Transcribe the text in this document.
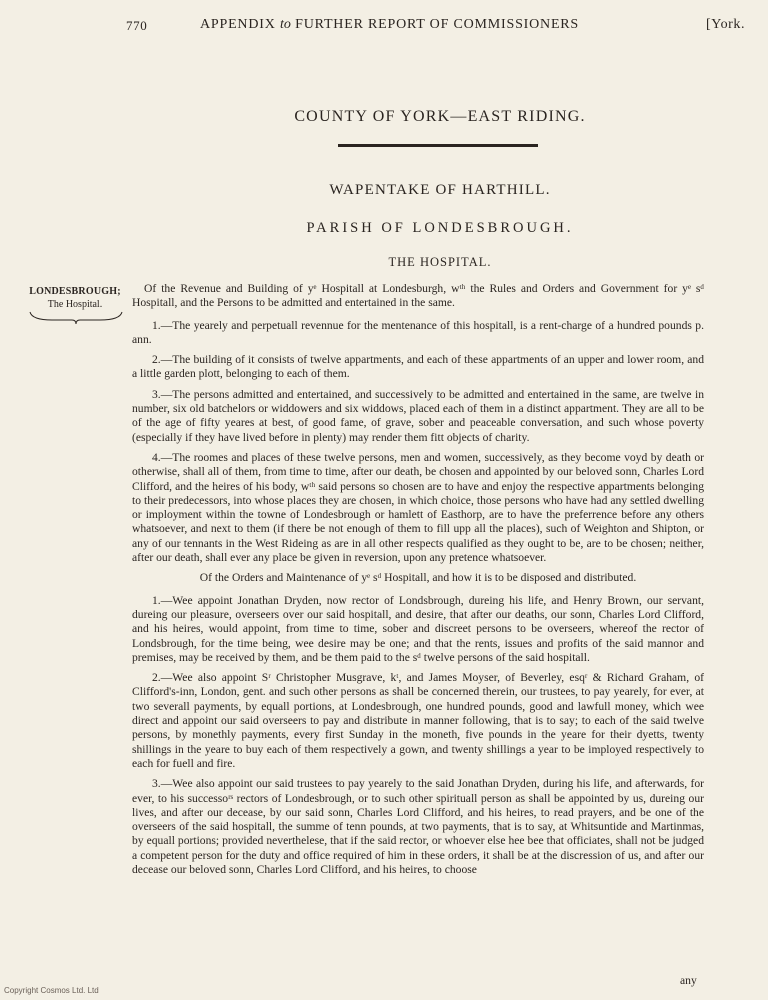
770	APPENDIX to FURTHER REPORT OF COMMISSIONERS	[York.
COUNTY OF YORK—EAST RIDING.
WAPENTAKE OF HARTHILL.
PARISH OF LONDESBROUGH.
THE HOSPITAL.
LONDESBROUGH;
The Hospital.

Of the Revenue and Building of yᵉ Hospitall at Londesburgh, wᵗʰ the Rules and Orders and Government for yᵉ sᵈ Hospitall, and the Persons to be admitted and entertained in the same.

1.—The yearely and perpetuall revennue for the mentenance of this hospitall, is a rent-charge of a hundred pounds p. ann.

2.—The building of it consists of twelve appartments, and each of these appartments of an upper and lower room, and a little garden plott, belonging to each of them.

3.—The persons admitted and entertained, and successively to be admitted and entertained in the same, are twelve in number, six old batchelors or widdowers and six widdows, placed each of them in a distinct appartment. They are all to be of the age of fifty yeares at best, of good fame, of grave, sober and peaceable conversation, and such whose poverty (especially if they have lived before in plenty) may render them fitt objects of charity.

4.—The roomes and places of these twelve persons, men and women, successively, as they become voyd by death or otherwise, shall all of them, from time to time, after our death, be chosen and appointed by our beloved sonn, Charles Lord Clifford, and the heires of his body, wᵗʰ said persons so chosen are to have and enjoy the respective appartments belonging to their predecessors, into whose places they are chosen, in which choice, those persons who have had any settled dwelling or imployment within the towne of Londesbrough or hamlett of Easthorp, are to have the preferrence before any others whatsoever, and next to them (if there be not enough of them to fill upp all the places), such of Weighton and Shipton, or any of our tennants in the West Rideing as are in all other respects qualified as they ought to be, are to be chosen; neither, after our death, shall ever any place be given in reversion, upon any pretence whatsoever.

Of the Orders and Maintenance of yᵉ sᵈ Hospitall, and how it is to be disposed and distributed.

1.—Wee appoint Jonathan Dryden, now rector of Londsbrough, dureing his life, and Henry Brown, our servant, dureing our pleasure, overseers over our said hospitall, and desire, that after our deaths, our sonn, Charles Lord Clifford, and his heires, would appoint, from time to time, sober and discreet persons to be overseers, whereof the rector of Londsbrough, for the time being, wee desire may be one; and that the rents, issues and profits of the said mannor and premises, may be received by them, and be them paid to the sᵈ twelve persons of the said hospitall.

2.—Wee also appoint Sʳ Christopher Musgrave, kᵗ, and James Moyser, of Beverley, esqʳ & Richard Graham, of Clifford's-inn, London, gent. and such other persons as shall be concerned therein, our trustees, to pay yearely, for ever, at two severall payments, by equall portions, at Londesbrough, one hundred pounds, good and lawfull money, which wee direct and appoint our said overseers to pay and distribute in manner following, that is to say; to each of the said twelve persons, by monethly payments, every first Sunday in the moneth, five pounds in the yeare for their dyetts, twenty shillings in the yeare to buy each of them respectively a gown, and twenty shillings a year to be imployed respectively to each for fuell and fire.

3.—Wee also appoint our said trustees to pay yearely to the said Jonathan Dryden, during his life, and afterwards, for ever, to his successoʳˢ rectors of Londesbrough, or to such other spirituall person as shall be appointed by us, dureing our lives, and after our decease, by our said sonn, Charles Lord Clifford, and his heires, to read prayers, and be one of the overseers of the said hospitall, the summe of tenn pounds, at two payments, that is to say, at Whitsuntide and Martinmas, by equall portions; provided neverthelese, that if the said rector, or whoever else hee bee that officiates, shall not be judged a competent person for the duty and office required of him in these orders, it shall be at the discression of us, and after our decease our beloved sonn, Charles Lord Clifford, and his heires, to choose

any
Copyright Cosmos Ltd. Ltd
